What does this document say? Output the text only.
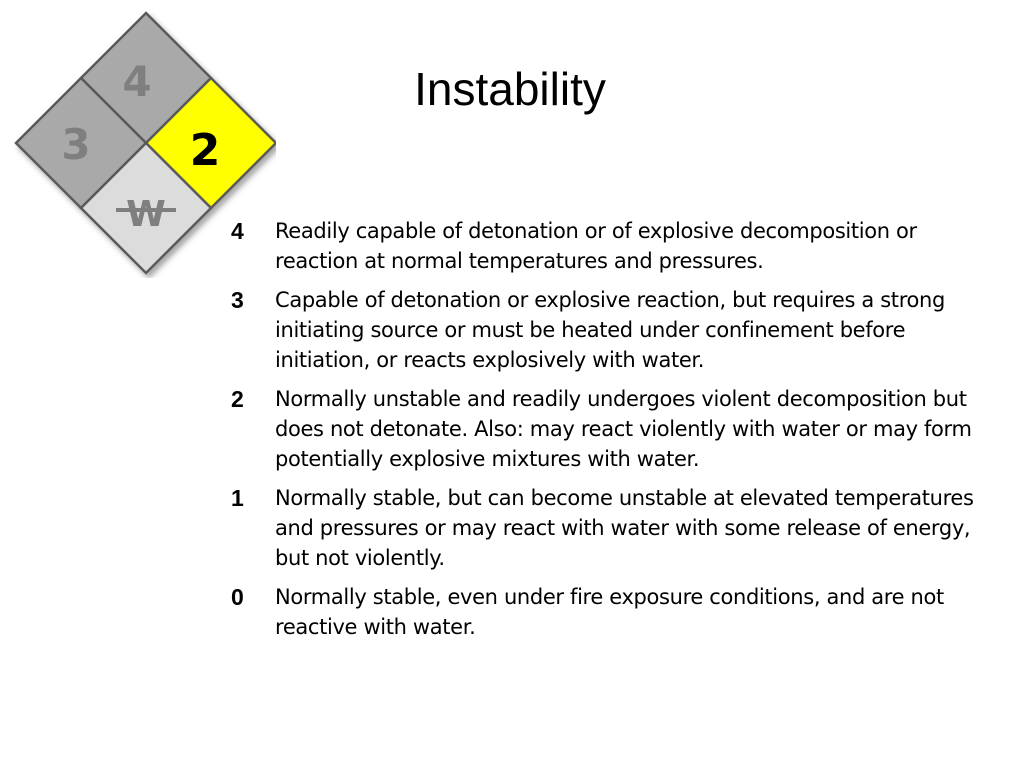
4
3 2
W
Instability
4	Readily capable of detonation or of explosive decomposition or reaction at normal temperatures and pressures.
3	Capable of detonation or explosive reaction, but requires a strong initiating source or must be heated under confinement before initiation, or reacts explosively with water.
2	Normally unstable and readily undergoes violent decomposition but does not detonate. Also: may react violently with water or may form potentially explosive mixtures with water.
1	Normally stable, but can become unstable at elevated temperatures and pressures or may react with water with some release of energy, but not violently.
0	Normally stable, even under fire exposure conditions, and are not reactive with water.
